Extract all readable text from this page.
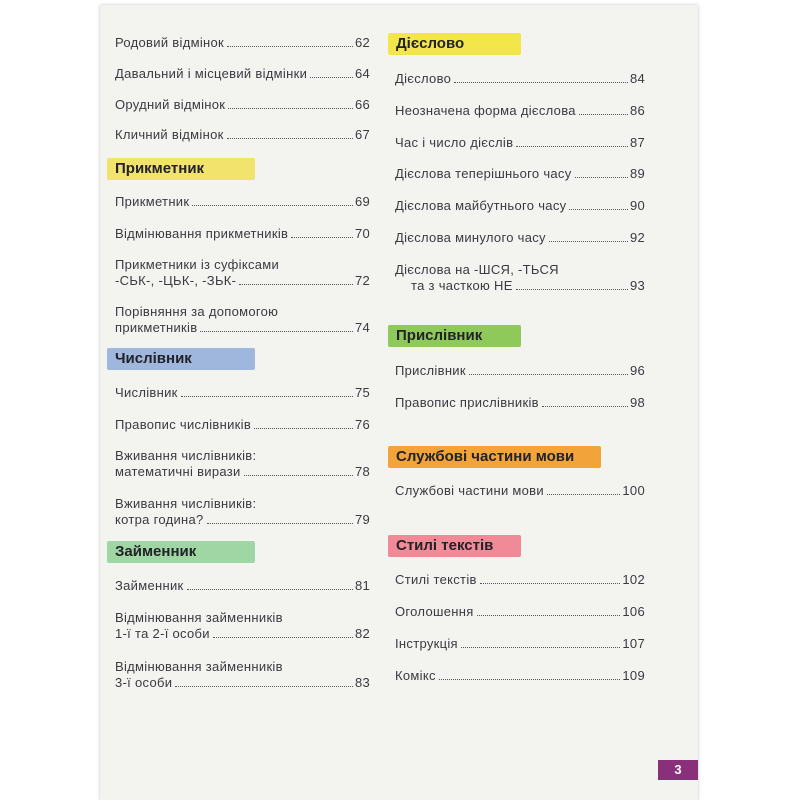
Родовий відмінок	62
Давальний і місцевий відмінки	64
Орудний відмінок	66
Кличний відмінок	67
Прикметник
Прикметник	69
Відмінювання прикметників	70
Прикметники із суфіксами
-СЬК-, -ЦЬК-, -ЗЬК-	72
Порівняння за допомогою
прикметників	74
Числівник
Числівник	75
Правопис числівників	76
Вживання числівників:
математичні вирази	78
Вживання числівників:
котра година?	79
Займенник
Займенник	81
Відмінювання займенників
1-ї та 2-ї особи	82
Відмінювання займенників
3-ї особи	83
Дієслово
Дієслово	84
Неозначена форма дієслова	86
Час і число дієслів	87
Дієслова теперішнього часу	89
Дієслова майбутнього часу	90
Дієслова минулого часу	92
Дієслова на -ШСЯ, -ТЬСЯ
та з часткою НЕ	93
Прислівник
Прислівник	96
Правопис прислівників	98
Службові частини мови
Службові частини мови	100
Стилі текстів
Стилі текстів	102
Оголошення	106
Інструкція	107
Комікс	109
3
